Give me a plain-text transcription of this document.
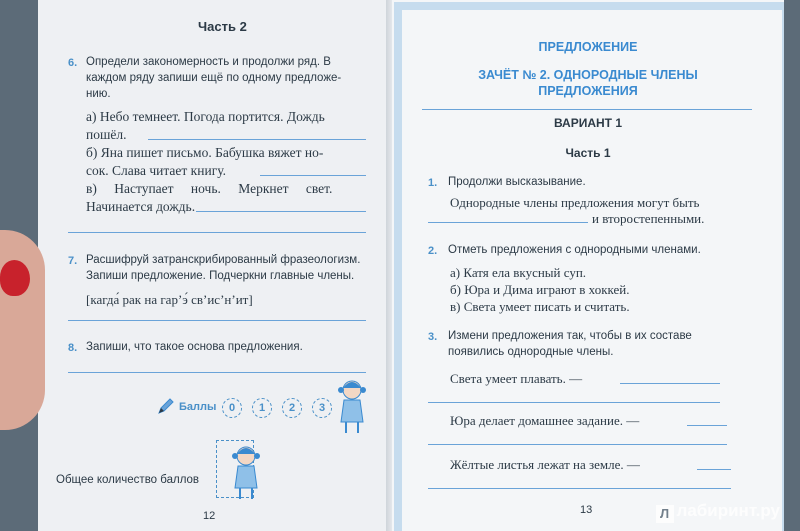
Часть 2
6. Определи закономерность и продолжи ряд. В
каждом ряду запиши ещё по одному предложе-
нию.
а) Небо темнеет. Погода портится. Дождь
пошёл.
б) Яна пишет письмо. Бабушка вяжет но-
сок. Слава читает книгу.
в) Наступает ночь. Меркнет свет.
Начинается дождь.
7. Расшифруй затранскрибированный фразеологизм.
Запиши предложение. Подчеркни главные члены.
[кагда́ рак на гар’э́ св’ис’н’ит]
8. Запиши, что такое основа предложения.
Баллы	0	1	2	3
Общее количество баллов
12
ПРЕДЛОЖЕНИЕ
ЗАЧЁТ № 2. ОДНОРОДНЫЕ ЧЛЕНЫ
ПРЕДЛОЖЕНИЯ
ВАРИАНТ 1
Часть 1
1. Продолжи высказывание.
Однородные члены предложения могут быть
и второстепенными.
2. Отметь предложения с однородными членами.
а) Катя ела вкусный суп.
б) Юра и Дима играют в хоккей.
в) Света умеет писать и считать.
3. Измени предложения так, чтобы в их составе
появились однородные члены.
Света умеет плавать. —
Юра делает домашнее задание. —
Жёлтые листья лежат на земле. —
13	Л лабиринт.ру
